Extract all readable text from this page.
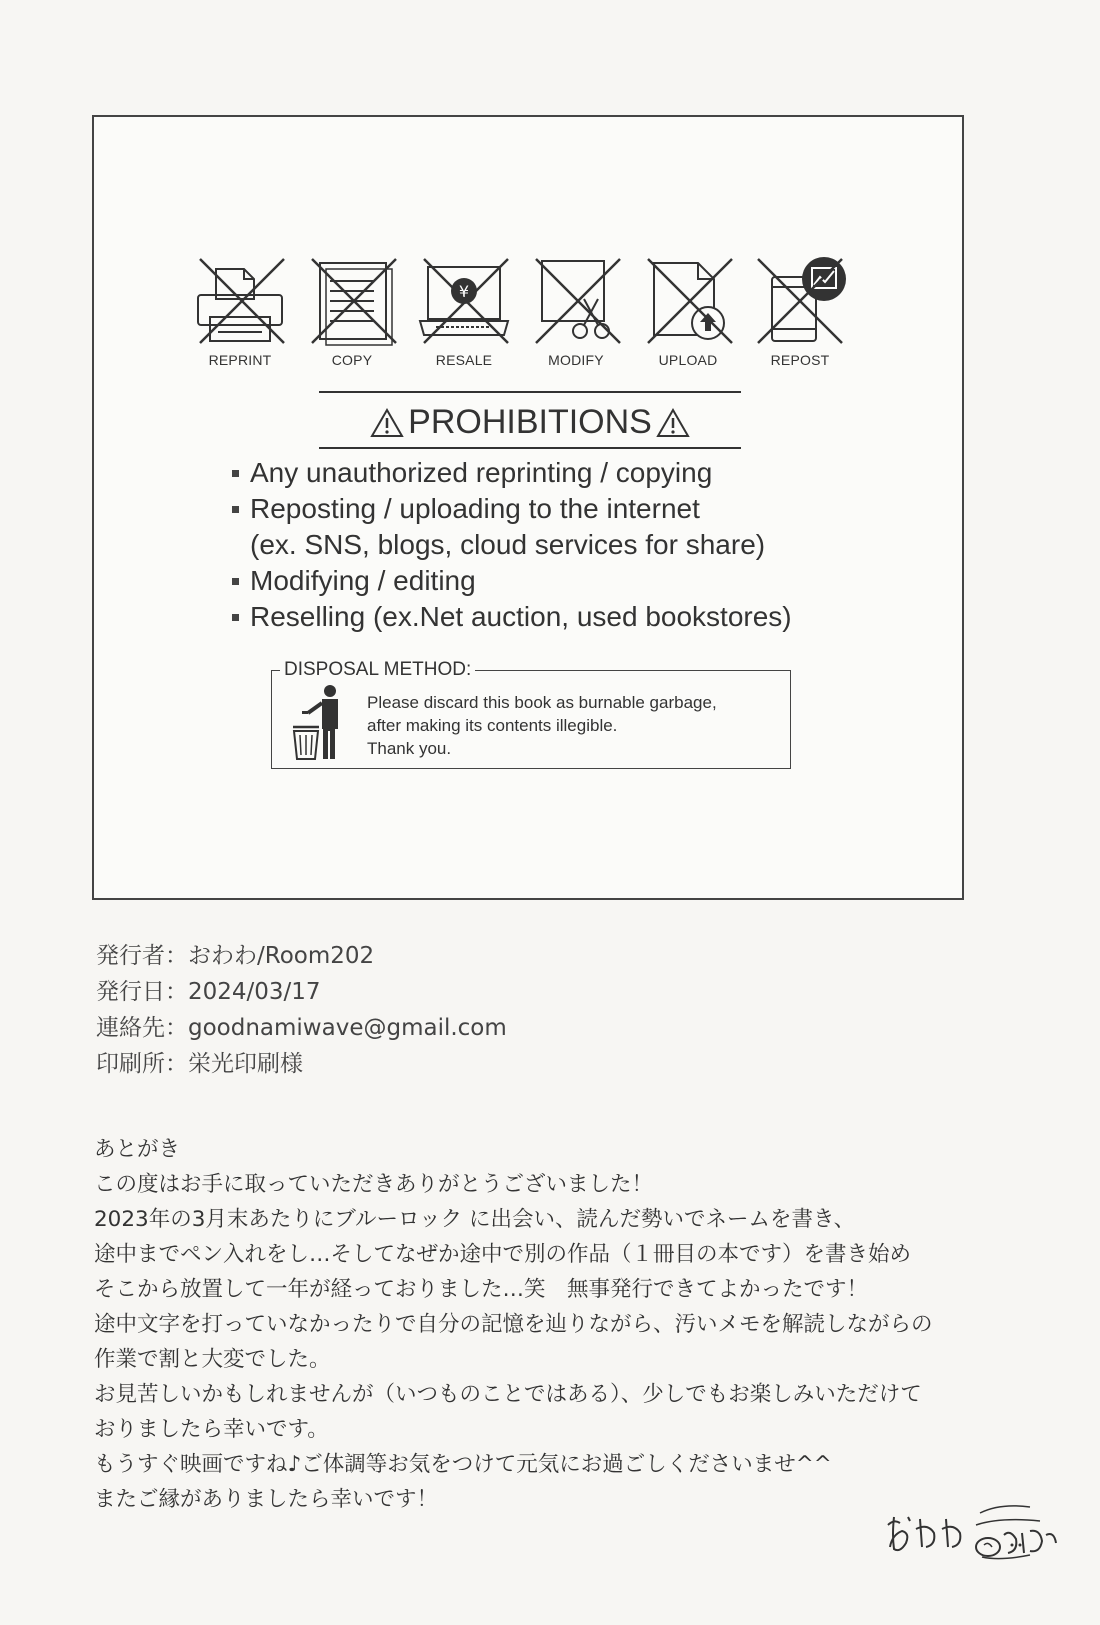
REPRINT	COPY
¥
RESALE	MODIFY	UPLOAD	REPOST
PROHIBITIONS
Any unauthorized reprinting / copying
Reposting / uploading to the internet
(ex. SNS, blogs, cloud services for share)
Modifying / editing
Reselling (ex.Net auction, used bookstores)
DISPOSAL METHOD:
Please discard this book as burnable garbage,
after making its contents illegible.
Thank you.
発行者：おわわ/Room202
発行日：2024/03/17
連絡先：goodnamiwave@gmail.com
印刷所：栄光印刷様
あとがき
この度はお手に取っていただきありがとうございました！
2023年の3月末あたりにブルーロック に出会い、読んだ勢いでネームを書き、
途中までペン入れをし…そしてなぜか途中で別の作品（１冊目の本です）を書き始め
そこから放置して一年が経っておりました…笑　無事発行できてよかったです！
途中文字を打っていなかったりで自分の記憶を辿りながら、汚いメモを解読しながらの
作業で割と大変でした。
お見苦しいかもしれませんが（いつものことではある）、少しでもお楽しみいただけて
おりましたら幸いです。
もうすぐ映画ですね♪ご体調等お気をつけて元気にお過ごしくださいませ^^
またご縁がありましたら幸いです！
